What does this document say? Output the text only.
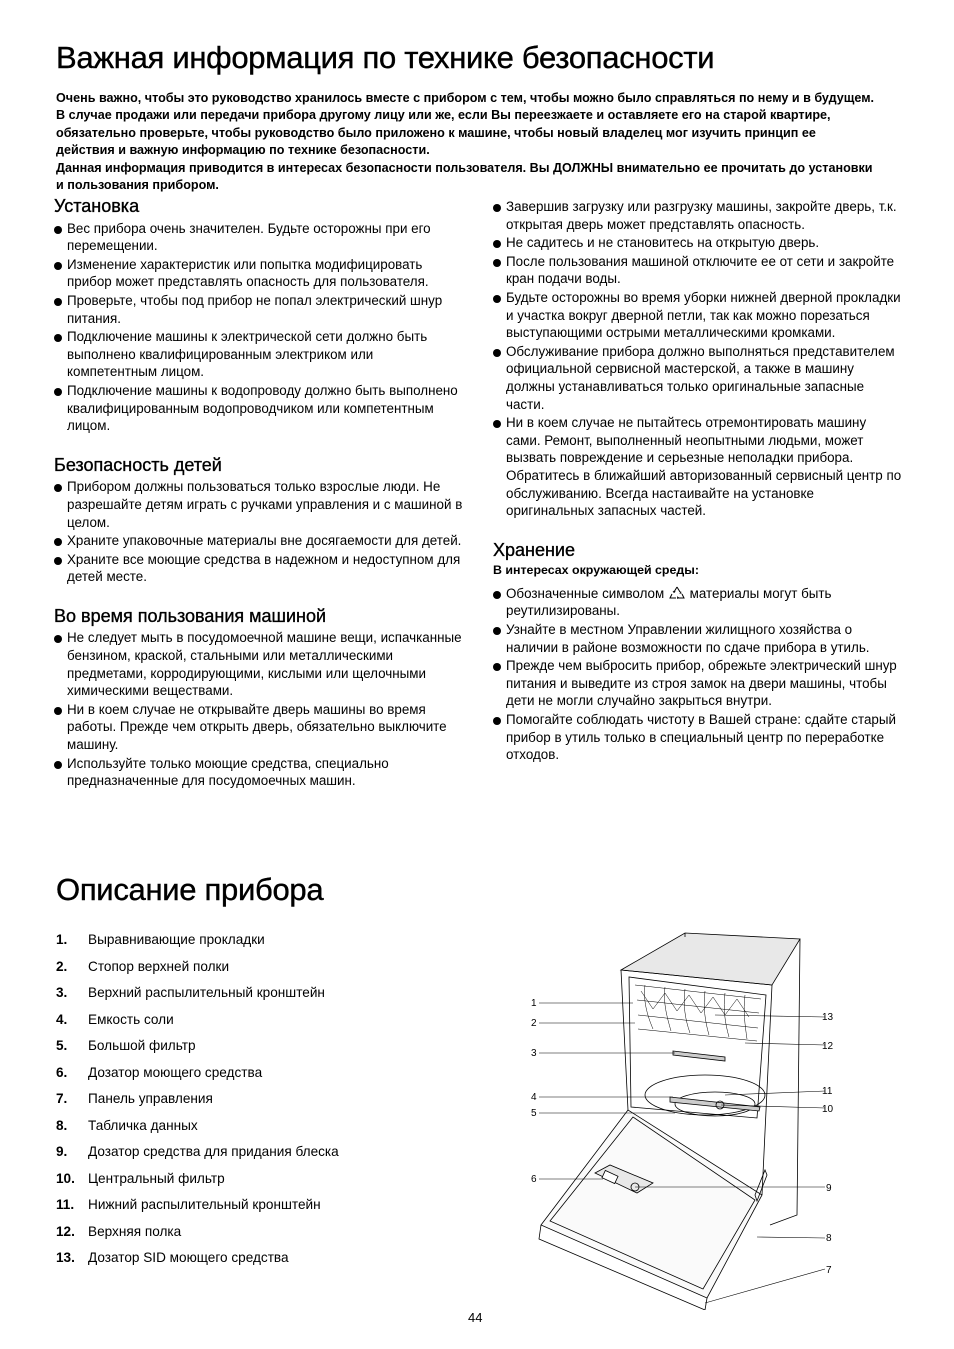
Важная информация по технике безопасности

Очень важно, чтобы это руководство хранилось вместе с прибором с тем, чтобы можно было справляться по нему и в будущем. В случае продажи или передачи прибора другому лицу или же, если Вы переезжаете и оставляете его на старой квартире, обязательно проверьте, чтобы руководство было приложено к машине, чтобы новый владелец мог изучить принцип ее действия и важную информацию по технике безопасности.

Данная информация приводится в интересах безопасности пользователя. Вы ДОЛЖНЫ внимательно ее прочитать до установки и пользования прибором.

Установка
Вес прибора очень значителен. Будьте осторожны при его перемещении.
Изменение характеристик или попытка модифицировать прибор может представлять опасность для пользователя.
Проверьте, чтобы под прибор не попал электрический шнур питания.
Подключение машины к электрической сети должно быть выполнено квалифицированным электриком или компетентным лицом.
Подключение машины к водопроводу должно быть выполнено квалифицированным водопроводчиком или компетентным лицом.
Безопасность детей
Прибором должны пользоваться только взрослые люди. Не разрешайте детям играть с ручками управления и с машиной в целом.
Храните упаковочные материалы вне досягаемости для детей.
Храните все моющие средства в надежном и недоступном для детей месте.
Во время пользования машиной
Не следует мыть в посудомоечной машине вещи, испачканные бензином, краской, стальными или металлическими предметами, корродирующими, кислыми или щелочными химическими веществами.
Ни в коем случае не открывайте дверь машины во время работы. Прежде чем открыть дверь, обязательно выключите машину.
Используйте только моющие средства, специально предназначенные для посудомоечных машин.
Завершив загрузку или разгрузку машины, закройте дверь, т.к. открытая дверь может представлять опасность.
Не садитесь и не становитесь на открытую дверь.
После пользования машиной отключите ее от сети и закройте кран подачи воды.
Будьте осторожны во время уборки нижней дверной прокладки и участка вокруг дверной петли, так как можно порезаться выступающими острыми металлическими кромками.
Обслуживание прибора должно выполняться представителем официальной сервисной мастерской, а также в машину должны устанавливаться только оригинальные запасные части.
Ни в коем случае не пытайтесь отремонтировать машину сами. Ремонт, выполненный неопытными людьми, может вызвать повреждение и серьезные неполадки прибора.
Обратитесь в ближайший авторизованный сервисный центр по обслуживанию. Всегда настаивайте на установке оригинальных запасных частей.
Хранение
В интересах окружающей среды:
Обозначенные символом материалы могут быть реутилизированы.
Узнайте в местном Управлении жилищного хозяйства о наличии в районе возможности по сдаче прибора в утиль.
Прежде чем выбросить прибор, обрежьте электрический шнур питания и выведите из строя замок на двери машины, чтобы дети не могли случайно закрыться внутри.
Помогайте соблюдать чистоту в Вашей стране: сдайте старый прибор в утиль только в специальный центр по переработке отходов.
Описание прибора
1.	Выравнивающие прокладки
2.	Стопор верхней полки
3.	Верхний распылительный кронштейн
4.	Емкость соли
5.	Большой фильтр
6.	Дозатор моющего средства
7.	Панель управления
8.	Табличка данных
9.	Дозатор средства для придания блеска
10. Центральный фильтр
11.	Нижний распылительный кронштейн
12. Верхняя полка
13. Дозатор SID моющего средства
1
2
3
4
5
6
7
8
9
10
11
12
13
44
